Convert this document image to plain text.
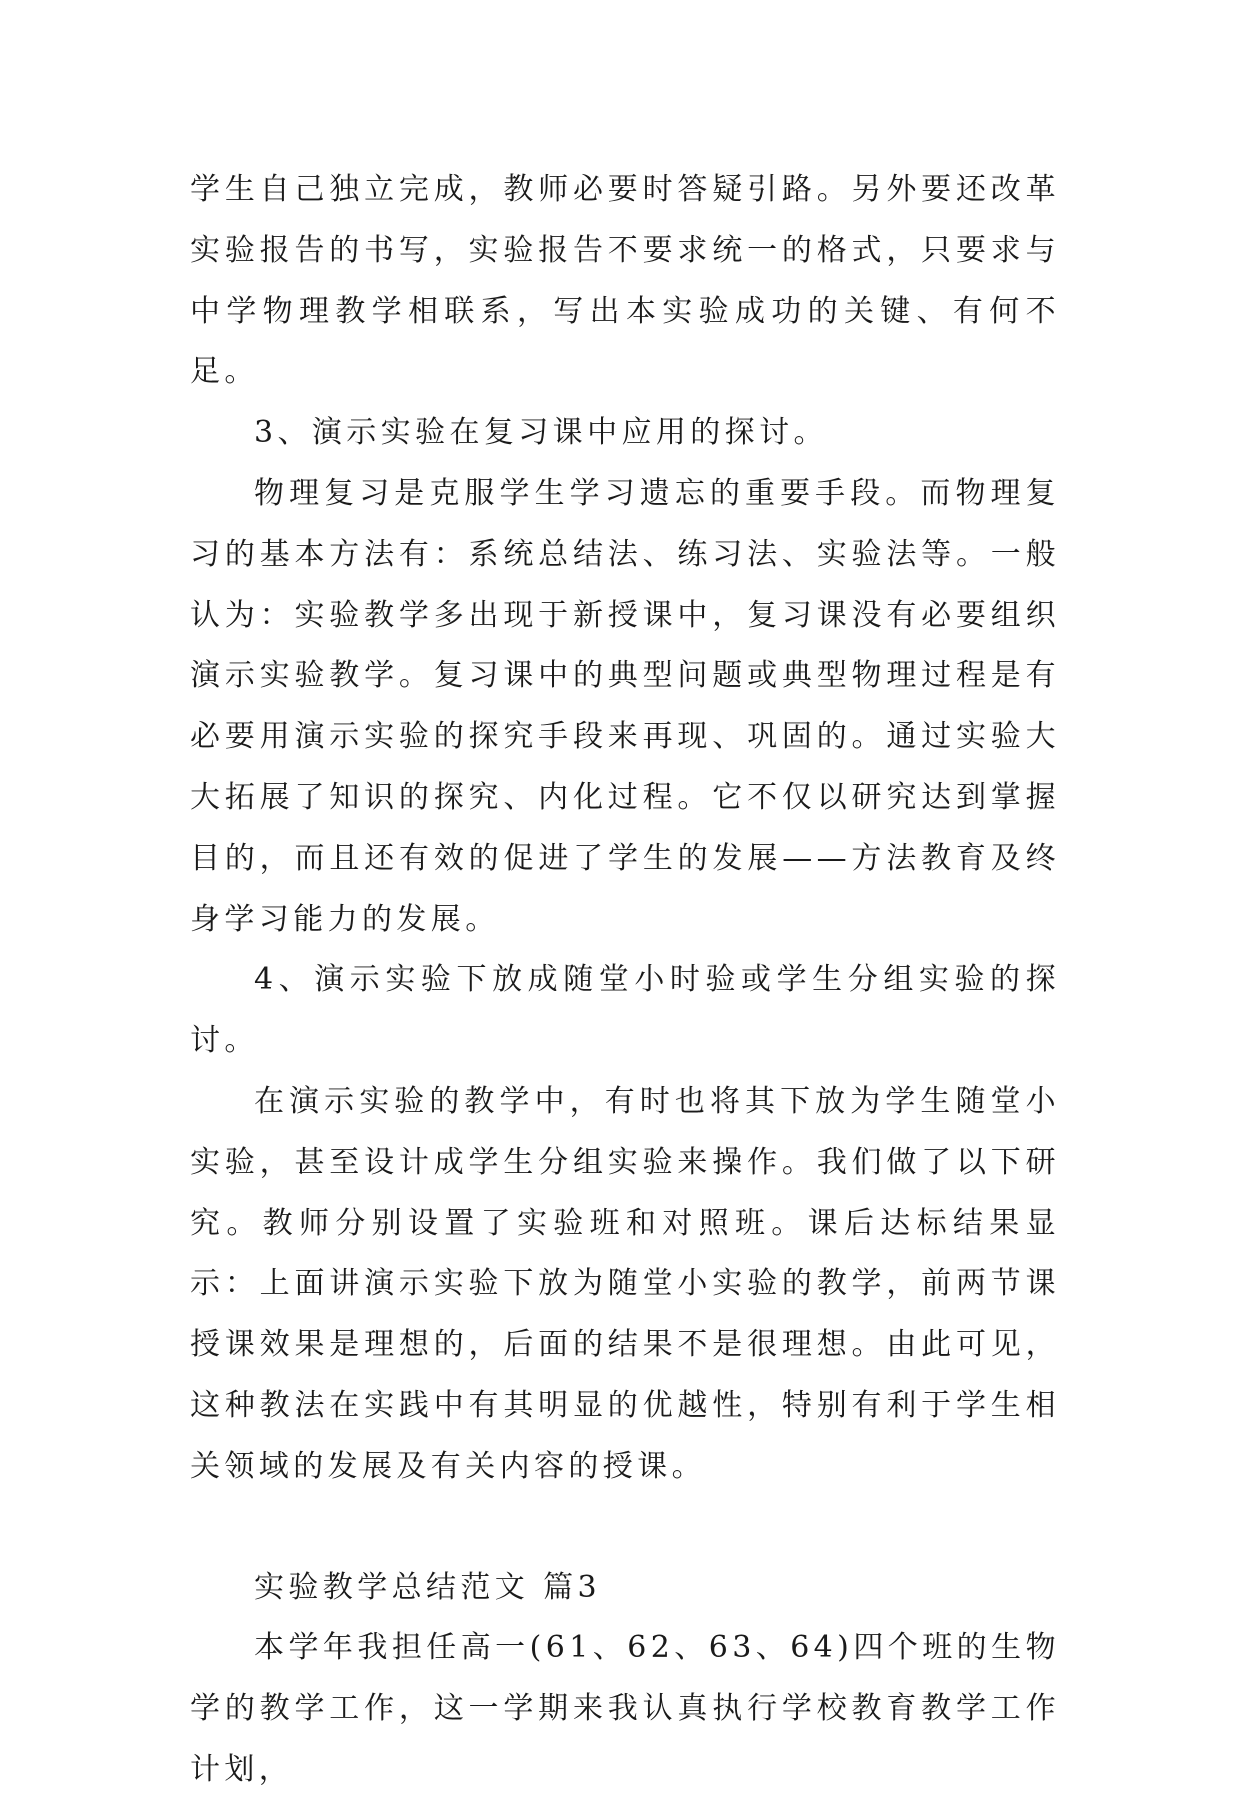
学生自己独立完成，教师必要时答疑引路。另外要还改革实验报告的书写，实验报告不要求统一的格式，只要求与中学物理教学相联系，写出本实验成功的关键、有何不足。

3、演示实验在复习课中应用的探讨。

物理复习是克服学生学习遗忘的重要手段。而物理复习的基本方法有：系统总结法、练习法、实验法等。一般认为：实验教学多出现于新授课中，复习课没有必要组织演示实验教学。复习课中的典型问题或典型物理过程是有必要用演示实验的探究手段来再现、巩固的。通过实验大大拓展了知识的探究、内化过程。它不仅以研究达到掌握目的，而且还有效的促进了学生的发展——方法教育及终身学习能力的发展。

4、演示实验下放成随堂小时验或学生分组实验的探讨。

在演示实验的教学中，有时也将其下放为学生随堂小实验，甚至设计成学生分组实验来操作。我们做了以下研究。教师分别设置了实验班和对照班。课后达标结果显示：上面讲演示实验下放为随堂小实验的教学，前两节课授课效果是理想的，后面的结果不是很理想。由此可见，这种教法在实践中有其明显的优越性，特别有利于学生相关领域的发展及有关内容的授课。

实验教学总结范文 篇3

本学年我担任高一(61、62、63、64)四个班的生物学的教学工作，这一学期来我认真执行学校教育教学工作计划，
